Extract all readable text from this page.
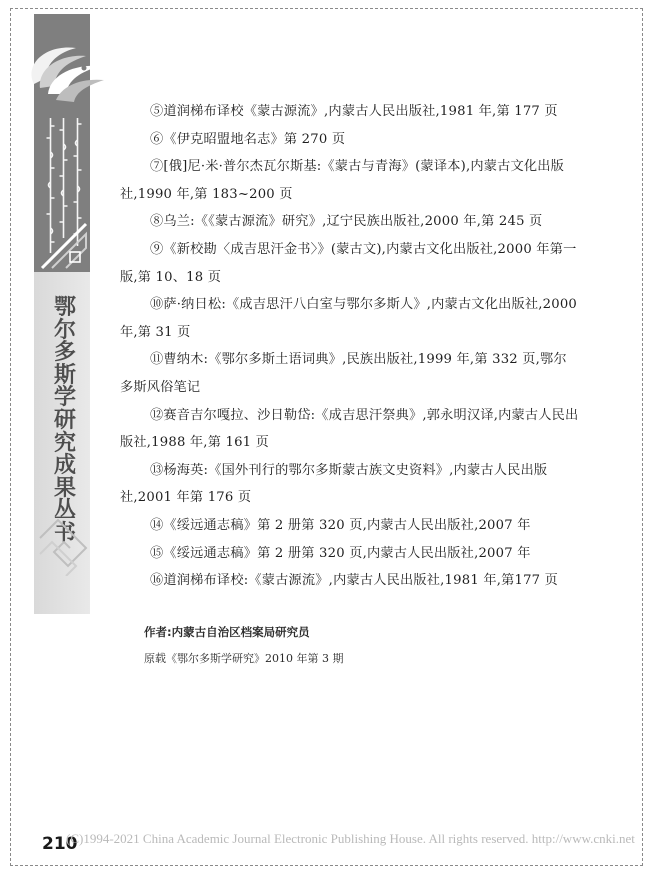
鄂尔多斯学研究成果丛书

⑤道润梯布译校《蒙古源流》,内蒙古人民出版社,1981 年,第 177 页

⑥《伊克昭盟地名志》第 270 页

⑦[俄]尼·米·普尔杰瓦尔斯基:《蒙古与青海》(蒙译本),内蒙古文化出版社,1990 年,第 183~200 页

⑧乌兰:《《蒙古源流》研究》,辽宁民族出版社,2000 年,第 245 页

⑨《新校勘〈成吉思汗金书〉》(蒙古文),内蒙古文化出版社,2000 年第一版,第 10、18 页

⑩萨·纳日松:《成吉思汗八白室与鄂尔多斯人》,内蒙古文化出版社,2000 年,第 31 页

⑪曹纳木:《鄂尔多斯土语词典》,民族出版社,1999 年,第 332 页,鄂尔多斯风俗笔记

⑫赛音吉尔嘎拉、沙日勒岱:《成吉思汗祭典》,郭永明汉译,内蒙古人民出版社,1988 年,第 161 页

⑬杨海英:《国外刊行的鄂尔多斯蒙古族文史资料》,内蒙古人民出版社,2001 年第 176 页

⑭《绥远通志稿》第 2 册第 320 页,内蒙古人民出版社,2007 年

⑮《绥远通志稿》第 2 册第 320 页,内蒙古人民出版社,2007 年

⑯道润梯布译校:《蒙古源流》,内蒙古人民出版社,1981 年,第177 页

作者:内蒙古自治区档案局研究员
原载《鄂尔多斯学研究》2010 年第 3 期
210
(C)1994-2021 China Academic Journal Electronic Publishing House. All rights reserved. http://www.cnki.net
